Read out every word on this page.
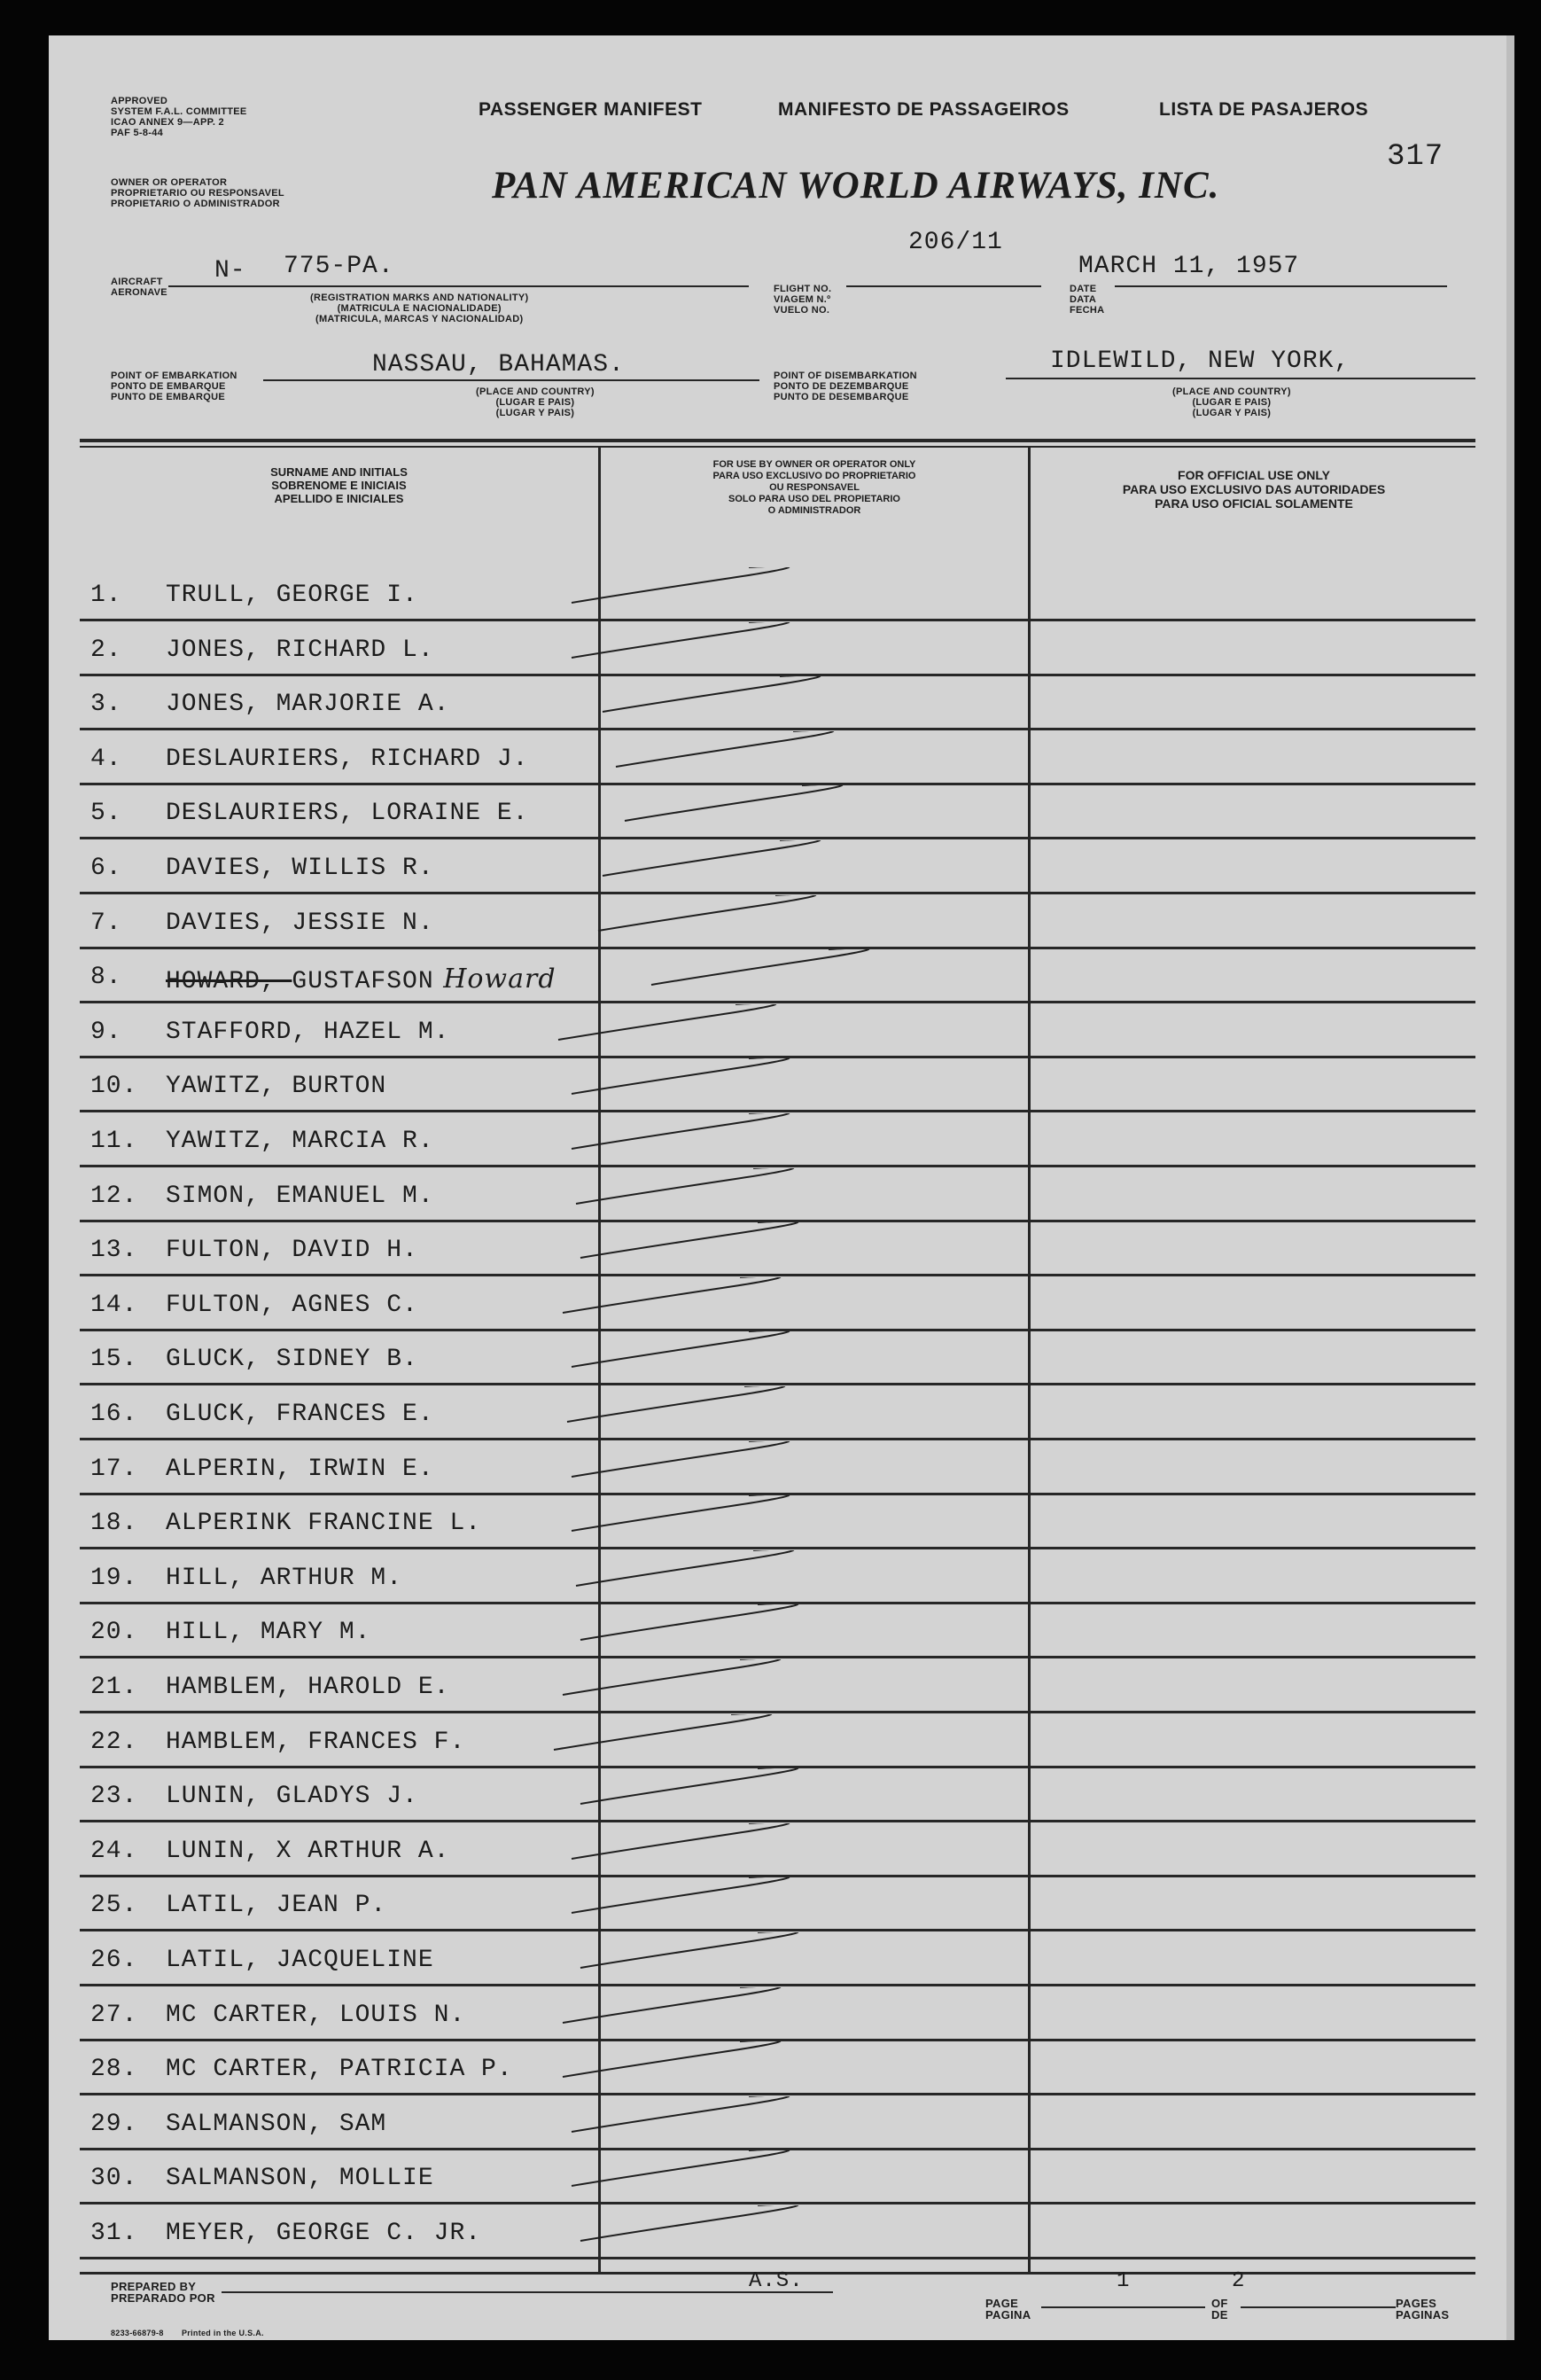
317
APPROVED
SYSTEM F.A.L. COMMITTEE
ICAO ANNEX 9—APP. 2
PAF 5-8-44
OWNER OR OPERATOR
PROPRIETARIO OU RESPONSAVEL
PROPIETARIO O ADMINISTRADOR
PASSENGER MANIFEST	MANIFESTO DE PASSAGEIROS	LISTA DE PASAJEROS
PAN AMERICAN WORLD AIRWAYS, INC.
AIRCRAFT
AERONAVE
N- 775-PA.
(REGISTRATION MARKS AND NATIONALITY)
(MATRICULA E NACIONALIDADE)
(MATRICULA, MARCAS Y NACIONALIDAD)
206/11
FLIGHT NO.
VIAGEM N.º
VUELO NO.
MARCH 11, 1957
DATE
DATA
FECHA
NASSAU, BAHAMAS.
POINT OF EMBARKATION
PONTO DE EMBARQUE
PUNTO DE EMBARQUE	(PLACE AND COUNTRY)
(LUGAR E PAIS)
(LUGAR Y PAIS)
IDLEWILD, NEW YORK,
POINT OF DISEMBARKATION
PONTO DE DEZEMBARQUE
PUNTO DE DESEMBARQUE	(PLACE AND COUNTRY)
(LUGAR E PAIS)
(LUGAR Y PAIS)
SURNAME AND INITIALS
SOBRENOME E INICIAIS
APELLIDO E INICIALES
FOR USE BY OWNER OR OPERATOR ONLY
PARA USO EXCLUSIVO DO PROPRIETARIO
OU RESPONSAVEL
SOLO PARA USO DEL PROPIETARIO
O ADMINISTRADOR
FOR OFFICIAL USE ONLY
PARA USO EXCLUSIVO DAS AUTORIDADES
PARA USO OFICIAL SOLAMENTE
1. TRULL, GEORGE I.
2. JONES, RICHARD L.
3. JONES, MARJORIE A.
4. DESLAURIERS, RICHARD J.
5. DESLAURIERS, LORAINE E.
6. DAVIES, WILLIS R.
7. DAVIES, JESSIE N.
8. HOWARD, GUSTAFSON Howard
9. STAFFORD, HAZEL M.
10. YAWITZ, BURTON
11. YAWITZ, MARCIA R.
12. SIMON, EMANUEL M.
13. FULTON, DAVID H.
14. FULTON, AGNES C.
15. GLUCK, SIDNEY B.
16. GLUCK, FRANCES E.
17. ALPERIN, IRWIN E.
18. ALPERINK FRANCINE L.
19. HILL, ARTHUR M.
20. HILL, MARY M.
21. HAMBLEM, HAROLD E.
22. HAMBLEM, FRANCES F.
23. LUNIN, GLADYS J.
24. LUNIN, X ARTHUR A.
25. LATIL, JEAN P.
26. LATIL, JACQUELINE
27. MC CARTER, LOUIS N.
28. MC CARTER, PATRICIA P.
29. SALMANSON, SAM
30. SALMANSON, MOLLIE
31. MEYER, GEORGE C. JR.
PREPARED BY
PREPARADO POR
8233-66879-8 Printed in the U.S.A.
A.S.
PAGE
PAGINA
1
OF
DE
2
PAGES
PAGINAS
